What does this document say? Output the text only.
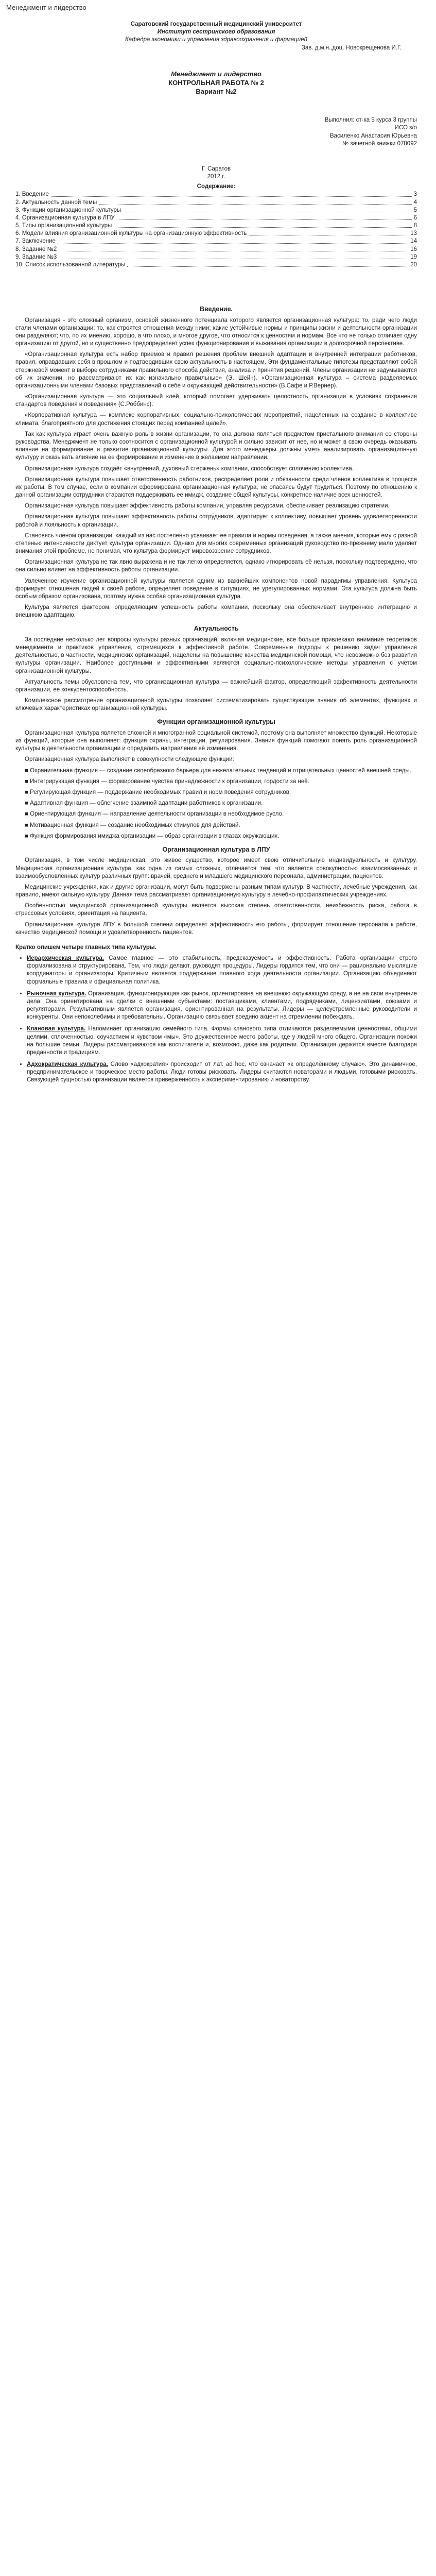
Менеджмент и лидерство
Саратовский государственный медицинский университет
Институт сестринского образования
Кафедра экономики и управления здравоохранения и фармацией
Зав. д.м.н.,доц. Новокрещенова И.Г.
Менеджмент и лидерство
КОНТРОЛЬНАЯ РАБОТА № 2
Вариант №2
Выполнил: ст-ка 5 курса 3 группы
ИСО з/о
Василенко Анастасия Юрьевна
№ зачетной книжки 078092
Г. Саратов
2012 г.
Содержание:
1. Введение	3
2. Актуальность данной темы	4
3. Функции организационной культуры	5
4. Организационная культура в ЛПУ	6
5. Типы организационной культуры	8
6. Модели влияния организационной культуры на организационную эффективность	13
7. Заключение	14
8. Задание №2	16
9. Задание №3	19
10. Список использованной литературы	20
Введение.

Организация - это сложный организм, основой жизненного потенциала которого является организационная культура: то, ради чего люди стали членами организации; то, как строятся отношения между ними; какие устойчивые нормы и принципы жизни и деятельности организации они разделяют; что, по их мнению, хорошо, а что плохо, и многое другое, что относится к ценностям и нормам. Все что не только отличает одну организацию от другой, но и существенно предопределяет успех функционирования и выживания организации в долгосрочной перспективе.

«Организационная культура есть набор приемов и правил решения проблем внешней адаптации и внутренней интеграции работников, правил, оправдавших себя в прошлом и подтвердивших свою актуальность в настоящем. Эти фундаментальные гипотезы представляют собой стержневой момент в выборе сотрудниками правильного способа действия, анализа и принятия решений. Члены организации не задумываются об их значении, но рассматривают их как изначально правильные» (Э. Шейн). «Организационная культура – система разделяемых организационными членами базовых представлений о себе и окружающей действительности» (В.Сафе и Р.Вернер).

«Организационная культура — это социальный клей, который помогает удерживать целостность организации в условиях сохранения стандартов поведения и поведения» (С.Роббинс).

«Корпоративная культура — комплекс корпоративных, социально-психологических мероприятий, нацеленных на создание в коллективе климата, благоприятного для достижения стоящих перед компанией целей».

Так как культура играет очень важную роль в жизни организации, то она должна являться предметом пристального внимания со стороны руководства. Менеджмент не только соотносится с организационной культурой и сильно зависит от нее, но и может в свою очередь оказывать влияние на формирование и развитие организационной культуры. Для этого менеджеры должны уметь анализировать организационную культуру и оказывать влияние на ее формирование и изменение в желаемом направлении.

Организационная культура создаёт «внутренний, духовный стержень» компании, способствует сплочению коллектива.

Организационная культура повышает ответственность работников, распределяет роли и обязанности среди членов коллектива в процессе их работы. В том случае, если в компании сформирована организационная культура, не опасаясь будут трудиться. Поэтому по отношению к данной организации сотрудники стараются поддерживать её имидж, создание общей культуры, конкретное наличие всех ценностей.

Организационная культура повышает эффективность работы компании, управляя ресурсами, обеспечивает реализацию стратегии.

Организационная культура повышает эффективность работы сотрудников, адаптирует к коллективу, повышает уровень удовлетворенности работой и лояльность к организации.

Становясь членом организации, каждый из нас постепенно усваивает ее правила и нормы поведения, а также мнения, которые ему с разной степенью интенсивности диктует культура организации. Однако для многих современных организаций руководство по-прежнему мало уделяет внимания этой проблеме, не понимая, что культура формирует мировоззрение сотрудников.

Организационная культура не так явно выражена и не так легко определяется, однако игнорировать её нельзя, поскольку подтверждено, что она сильно влияет на эффективность работы организации.

Увлеченное изучение организационной культуры является одним из важнейших компонентов новой парадигмы управления. Культура формирует отношения людей к своей работе, определяет поведение в ситуациях, не урегулированных нормами. Эта культура должна быть особым образом организована, поэтому нужна особая организационная культура.

Культура является фактором, определяющим успешность работы компании, поскольку она обеспечивает внутреннюю интеграцию и внешнюю адаптацию.

Актуальность

За последние несколько лет вопросы культуры разных организаций, включая медицинские, все больше привлекают внимание теоретиков менеджмента и практиков управления, стремящихся к эффективной работе. Современные подходы к решению задач управления деятельностью, в частности, медицинских организаций, нацелены на повышение качества медицинской помощи, что невозможно без развития культуры организации. Наиболее доступными и эффективными являются социально-психологические методы управления с учетом организационной культуры.

Актуальность темы обусловлена тем, что организационная культура — важнейший фактор, определяющий эффективность деятельности организации, ее конкурентоспособность.

Комплексное рассмотрение организационной культуры позволяет систематизировать существующие знания об элементах, функциях и ключевых характеристиках организационной культуры.

Функции организационной культуры

Организационная культура является сложной и многогранной социальной системой, поэтому она выполняет множество функций. Некоторые из функций, которые она выполняет: функция охраны, интеграции, регулирования. Знания функций помогают понять роль организационной культуры в деятельности организации и определить направления её изменения.

Организационная культура выполняет в совокупности следующие функции:

■ Охранительная функция — создание своеобразного барьера для нежелательных тенденций и отрицательных ценностей внешней среды.

■ Интегрирующая функция — формирование чувства принадлежности к организации, гордости за неё.

■ Регулирующая функция — поддержание необходимых правил и норм поведения сотрудников.

■ Адаптивная функция — облегчение взаимной адаптации работников к организации.

■ Ориентирующая функция — направление деятельности организации в необходимое русло.

■ Мотивационная функция — создание необходимых стимулов для действий.

■ Функция формирования имиджа организации — образ организации в глазах окружающих.

Организационная культура в ЛПУ

Организация, в том числе медицинская, это живое существо, которое имеет свою отличительную индивидуальность и культуру. Медицинская организационная культура, как одна из самых сложных, отличается тем, что является совокупностью взаимосвязанных и взаимообусловленных культур различных групп: врачей, среднего и младшего медицинского персонала, администрации, пациентов.

Медицинские учреждения, как и другие организации, могут быть подвержены разным типам культур. В частности, лечебные учреждения, как правило, имеют сильную культуру. Данная тема рассматривает организационную культуру в лечебно-профилактических учреждениях.

Особенностью медицинской организационной культуры является высокая степень ответственности, неизбежность риска, работа в стрессовых условиях, ориентация на пациента.

Организационная культура ЛПУ в большой степени определяет эффективность его работы, формирует отношение персонала к работе, качество медицинской помощи и удовлетворенность пациентов.

Кратко опишем четыре главных типа культуры.
• Иерархическая культура. Самое главное — это стабильность, предсказуемость и эффективность. Работа организации строго формализована и структурирована. Тем, что люди делают, руководят процедуры. Лидеры гордятся тем, что они — рационально мыслящие координаторы и организаторы. Критичным является поддержание плавного хода деятельности организации. Организацию объединяют формальные правила и официальная политика.
• Рыночная культура. Организация, функционирующая как рынок, ориентирована на внешнюю окружающую среду, а не на свои внутренние дела. Она ориентирована на сделки с внешними субъектами: поставщиками, клиентами, подрядчиками, лицензиатами, союзами и регуляторами. Результативным является организация, ориентированная на результаты. Лидеры — целеустремленные руководители и конкуренты. Они непоколебимы и требовательны. Организацию связывает воедино акцент на стремлении побеждать.
• Клановая культура. Напоминает организацию семейного типа. Формы кланового типа отличаются разделяемыми ценностями, общими целями, сплоченностью, соучастием и чувством «мы». Это дружественное место работы, где у людей много общего. Организации похожи на большие семьи. Лидеры рассматриваются как воспитатели и, возможно, даже как родители. Организация держится вместе благодаря преданности и традициям.
• Адхократическая культура. Слово «адхократия» происходит от лат. ad hoc, что означает «к определённому случаю». Это динамичное, предпринимательское и творческое место работы. Люди готовы рисковать. Лидеры считаются новаторами и людьми, готовыми рисковать. Связующей сущностью организации является приверженность к экспериментированию и новаторству.
